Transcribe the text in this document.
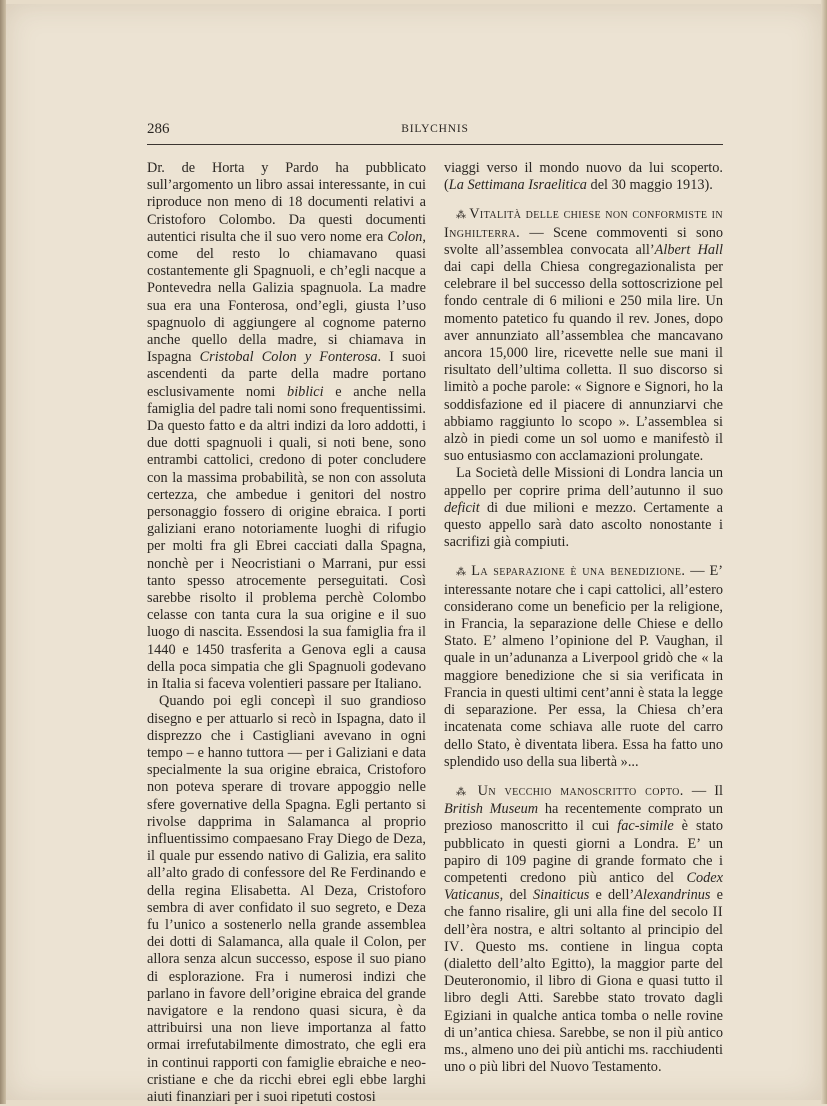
286	BILYCHNIS

Dr. de Horta y Pardo ha pubblicato sull’argomento un libro assai interessante, in cui riproduce non meno di 18 documenti relativi a Cristoforo Colombo. Da questi documenti autentici risulta che il suo vero nome era Colon, come del resto lo chiamavano quasi costantemente gli Spagnuoli, e ch’egli nacque a Pontevedra nella Galizia spagnuola. La madre sua era una Fonterosa, ond’egli, giusta l’uso spagnuolo di aggiungere al cognome paterno anche quello della madre, si chiamava in Ispagna Cristobal Colon y Fonterosa. I suoi ascendenti da parte della madre portano esclusivamente nomi biblici e anche nella famiglia del padre tali nomi sono frequentissimi. Da questo fatto e da altri indizi da loro addotti, i due dotti spagnuoli i quali, si noti bene, sono entrambi cattolici, credono di poter concludere con la massima probabilità, se non con assoluta certezza, che ambedue i genitori del nostro personaggio fossero di origine ebraica. I porti galiziani erano notoriamente luoghi di rifugio per molti fra gli Ebrei cacciati dalla Spagna, nonchè per i Neocristiani o Marrani, pur essi tanto spesso atrocemente perseguitati. Così sarebbe risolto il problema perchè Colombo celasse con tanta cura la sua origine e il suo luogo di nascita. Essendosi la sua famiglia fra il 1440 e 1450 trasferita a Genova egli a causa della poca simpatia che gli Spagnuoli godevano in Italia si faceva volentieri passare per Italiano.

Quando poi egli concepì il suo grandioso disegno e per attuarlo si recò in Ispagna, dato il disprezzo che i Castigliani avevano in ogni tempo – e hanno tuttora — per i Galiziani e data specialmente la sua origine ebraica, Cristoforo non poteva sperare di trovare appoggio nelle sfere governative della Spagna. Egli pertanto si rivolse dapprima in Salamanca al proprio influentissimo compaesano Fray Diego de Deza, il quale pur essendo nativo di Galizia, era salito all’alto grado di confessore del Re Ferdinando e della regina Elisabetta. Al Deza, Cristoforo sembra di aver confidato il suo segreto, e Deza fu l’unico a sostenerlo nella grande assemblea dei dotti di Salamanca, alla quale il Colon, per allora senza alcun successo, espose il suo piano di esplorazione. Fra i numerosi indizi che parlano in favore dell’origine ebraica del grande navigatore e la rendono quasi sicura, è da attribuirsi una non lieve importanza al fatto ormai irrefutabilmente dimostrato, che egli era in continui rapporti con famiglie ebraiche e neo-cristiane e che da ricchi ebrei egli ebbe larghi aiuti finanziari per i suoi ripetuti costosi

viaggi verso il mondo nuovo da lui scoperto. (La Settimana Israelitica del 30 maggio 1913).

⁂ Vitalità delle chiese non conformiste in Inghilterra. — Scene commoventi si sono svolte all’assemblea convocata all’Albert Hall dai capi della Chiesa congregazionalista per celebrare il bel successo della sottoscrizione pel fondo centrale di 6 milioni e 250 mila lire. Un momento patetico fu quando il rev. Jones, dopo aver annunziato all’assemblea che mancavano ancora 15,000 lire, ricevette nelle sue mani il risultato dell’ultima colletta. Il suo discorso si limitò a poche parole: « Signore e Signori, ho la soddisfazione ed il piacere di annunziarvi che abbiamo raggiunto lo scopo ». L’assemblea si alzò in piedi come un sol uomo e manifestò il suo entusiasmo con acclamazioni prolungate.

La Società delle Missioni di Londra lancia un appello per coprire prima dell’autunno il suo deficit di due milioni e mezzo. Certamente a questo appello sarà dato ascolto nonostante i sacrifizi già compiuti.

⁂ La separazione è una benedizione. — E’ interessante notare che i capi cattolici, all’estero considerano come un beneficio per la religione, in Francia, la separazione delle Chiese e dello Stato. E’ almeno l’opinione del P. Vaughan, il quale in un’adunanza a Liverpool gridò che « la maggiore benedizione che si sia verificata in Francia in questi ultimi cent’anni è stata la legge di separazione. Per essa, la Chiesa ch’era incatenata come schiava alle ruote del carro dello Stato, è diventata libera. Essa ha fatto uno splendido uso della sua libertà »...

⁂ Un vecchio manoscritto copto. — Il British Museum ha recentemente comprato un prezioso manoscritto il cui fac-simile è stato pubblicato in questi giorni a Londra. E’ un papiro di 109 pagine di grande formato che i competenti credono più antico del Codex Vaticanus, del Sinaiticus e dell’Alexandrinus e che fanno risalire, gli uni alla fine del secolo II dell’èra nostra, e altri soltanto al principio del IV. Questo ms. contiene in lingua copta (dialetto dell’alto Egitto), la maggior parte del Deuteronomio, il libro di Giona e quasi tutto il libro degli Atti. Sarebbe stato trovato dagli Egiziani in qualche antica tomba o nelle rovine di un’antica chiesa. Sarebbe, se non il più antico ms., almeno uno dei più antichi ms. racchiudenti uno o più libri del Nuovo Testamento.
